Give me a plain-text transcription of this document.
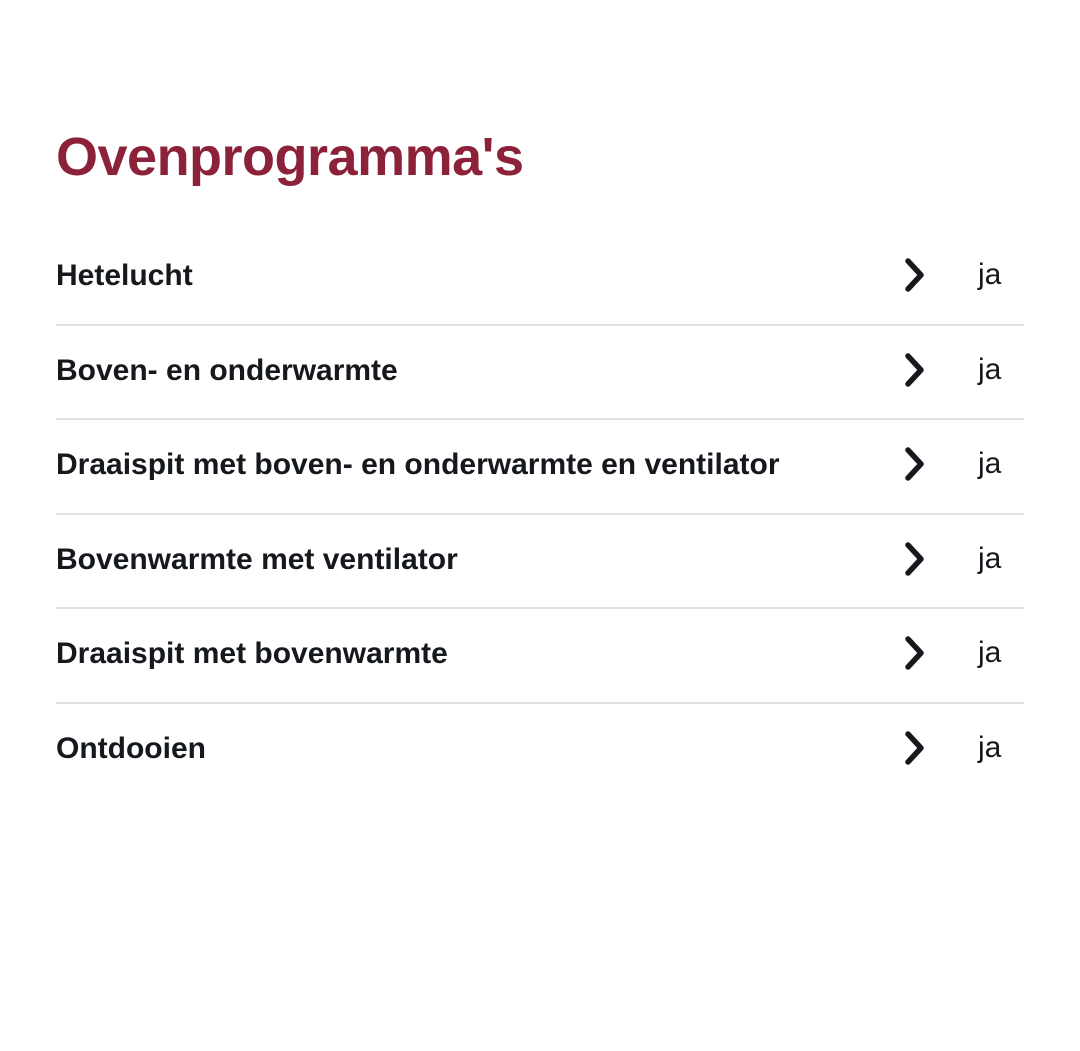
Ovenprogramma's
Hetelucht	ja
Boven- en onderwarmte	ja
Draaispit met boven- en onderwarmte en ventilator	ja
Bovenwarmte met ventilator	ja
Draaispit met bovenwarmte	ja
Ontdooien	ja
